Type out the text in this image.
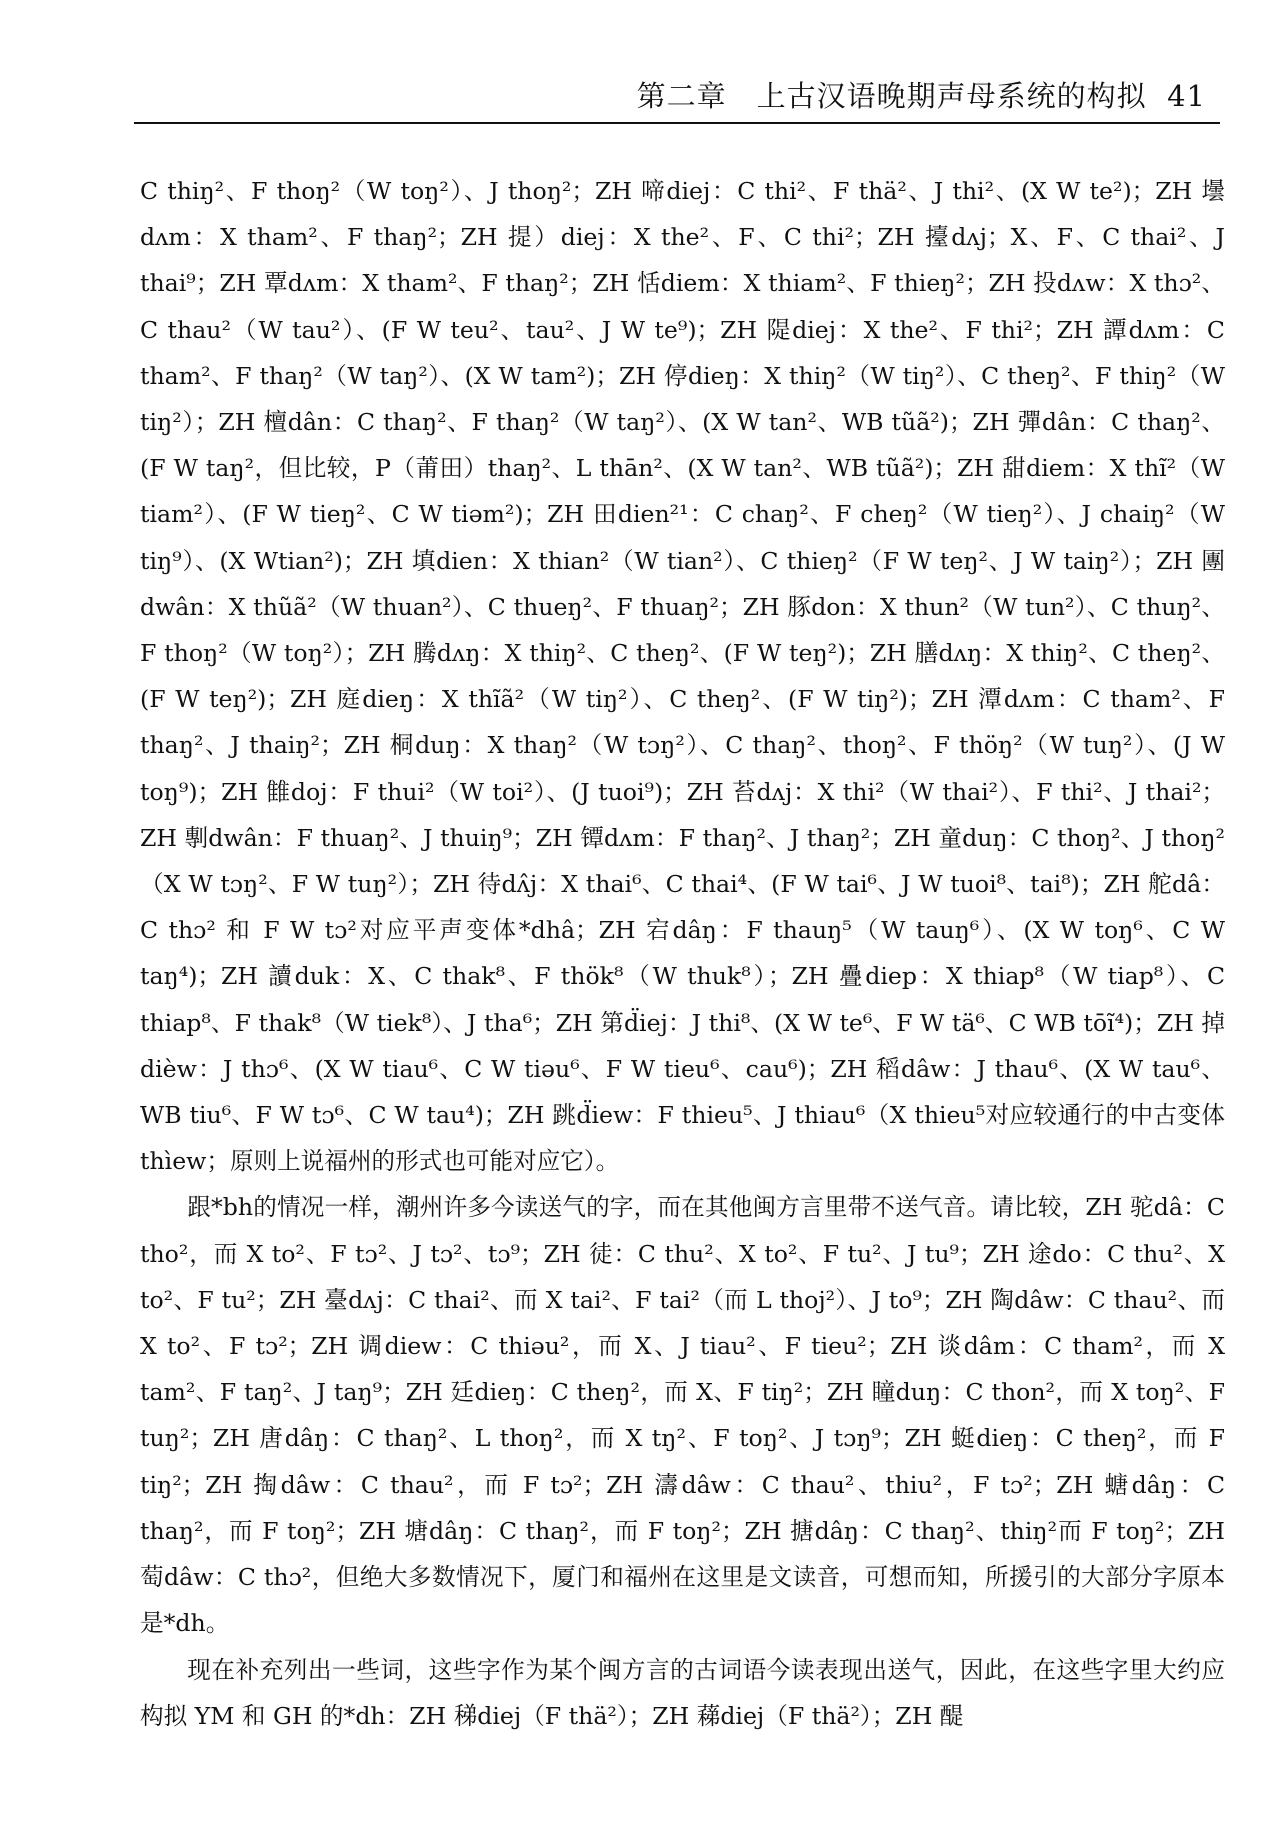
第二章　上古汉语晚期声母系统的构拟 41

C thiŋ²、F thoŋ²（W toŋ²）、J thoŋ²；ZH 啼diej：C thi²、F thä²、J thi²、(X W te²)；ZH 壜dʌm：X tham²、F thaŋ²；ZH 提）diej：X the²、F、C thi²；ZH 擡dʌj；X、F、C thai²、J thai⁹；ZH 覃dʌm：X tham²、F thaŋ²；ZH 恬diem：X thiam²、F thieŋ²；ZH 投dʌw：X thɔ²、C thau²（W tau²）、(F W teu²、tau²、J W te⁹)；ZH 隄diej：X the²、F thi²；ZH 譚dʌm：C tham²、F thaŋ²（W taŋ²）、(X W tam²)；ZH 停dieŋ：X thiŋ²（W tiŋ²）、C theŋ²、F thiŋ²（W tiŋ²）；ZH 檀dân：C thaŋ²、F thaŋ²（W taŋ²）、(X W tan²、WB tũã²)；ZH 彈dân：C thaŋ²、(F W taŋ²，但比较，P（莆田）thaŋ²、L thān²、(X W tan²、WB tũã²)；ZH 甜diem：X thĩ²（W tiam²）、(F W tieŋ²、C W tiəm²)；ZH 田dien²¹：C chaŋ²、F cheŋ²（W tieŋ²）、J chaiŋ²（W tiŋ⁹）、(X Wtian²)；ZH 填dien：X thian²（W tian²）、C thieŋ²（F W teŋ²、J W taiŋ²）；ZH 團dwân：X thũã²（W thuan²）、C thueŋ²、F thuaŋ²；ZH 豚don：X thun²（W tun²）、C thuŋ²、F thoŋ²（W toŋ²）；ZH 腾dʌŋ：X thiŋ²、C theŋ²、(F W teŋ²)；ZH 膳dʌŋ：X thiŋ²、C theŋ²、(F W teŋ²)；ZH 庭dieŋ：X thĩã²（W tiŋ²）、C theŋ²、(F W tiŋ²)；ZH 潭dʌm：C tham²、F thaŋ²、J thaiŋ²；ZH 桐duŋ：X thaŋ²（W tɔŋ²）、C thaŋ²、thoŋ²、F thöŋ²（W tuŋ²）、(J W toŋ⁹)；ZH 雔doj：F thui²（W toi²）、(J tuoi⁹)；ZH 苔dʌj：X thi²（W thai²）、F thi²、J thai²；ZH 剸dwân：F thuaŋ²、J thuiŋ⁹；ZH 镡dʌm：F thaŋ²、J thaŋ²；ZH 童duŋ：C thoŋ²、J thoŋ²（X W tɔŋ²、F W tuŋ²）；ZH 待dʌ̂j：X thai⁶、C thai⁴、(F W tai⁶、J W tuoi⁸、tai⁸)；ZH 舵dâ：C thɔ² 和 F W tɔ²对应平声变体*dhâ；ZH 宕dâŋ：F thauŋ⁵（W tauŋ⁶）、(X W toŋ⁶、C W taŋ⁴)；ZH 讀duk：X、C thak⁸、F thök⁸（W thuk⁸）；ZH 疊diep：X thiap⁸（W tiap⁸）、C thiap⁸、F thak⁸（W tiek⁸）、J tha⁶；ZH 第d̈iej：J thi⁸、(X W te⁶、F W tä⁶、C WB tōĩ⁴)；ZH 掉dièw：J thɔ⁶、(X W tiau⁶、C W tiəu⁶、F W tieu⁶、cau⁶)；ZH 稻dâw：J thau⁶、(X W tau⁶、WB tiu⁶、F W tɔ⁶、C W tau⁴)；ZH 跳d̈iew：F thieu⁵、J thiau⁶（X thieu⁵对应较通行的中古变体thìew；原则上说福州的形式也可能对应它）。

跟*bh的情况一样，潮州许多今读送气的字，而在其他闽方言里带不送气音。请比较，ZH 驼dâ：C tho²，而 X to²、F tɔ²、J tɔ²、tɔ⁹；ZH 徒：C thu²、X to²、F tu²、J tu⁹；ZH 途do：C thu²、X to²、F tu²；ZH 臺dʌj：C thai²、而 X tai²、F tai²（而 L thoj²）、J to⁹；ZH 陶dâw：C thau²、而 X to²、F tɔ²；ZH 调diew：C thiəu²，而 X、J tiau²、F tieu²；ZH 谈dâm：C tham²，而 X tam²、F taŋ²、J taŋ⁹；ZH 廷dieŋ：C theŋ²，而 X、F tiŋ²；ZH 瞳duŋ：C thon²，而 X toŋ²、F tuŋ²；ZH 唐dâŋ：C thaŋ²、L thoŋ²，而 X tŋ²、F toŋ²、J tɔŋ⁹；ZH 蜓dieŋ：C theŋ²，而 F tiŋ²；ZH 掏dâw：C thau²，而 F tɔ²；ZH 濤dâw：C thau²、thiu²，F tɔ²；ZH 螗dâŋ：C thaŋ²，而 F toŋ²；ZH 塘dâŋ：C thaŋ²，而 F toŋ²；ZH 搪dâŋ：C thaŋ²、thiŋ²而 F toŋ²；ZH 萄dâw：C thɔ²，但绝大多数情况下，厦门和福州在这里是文读音，可想而知，所援引的大部分字原本是*dh。

现在补充列出一些词，这些字作为某个闽方言的古词语今读表现出送气，因此，在这些字里大约应构拟 YM 和 GH 的*dh：ZH 稊diej（F thä²）；ZH 蕛diej（F thä²）；ZH 醍
